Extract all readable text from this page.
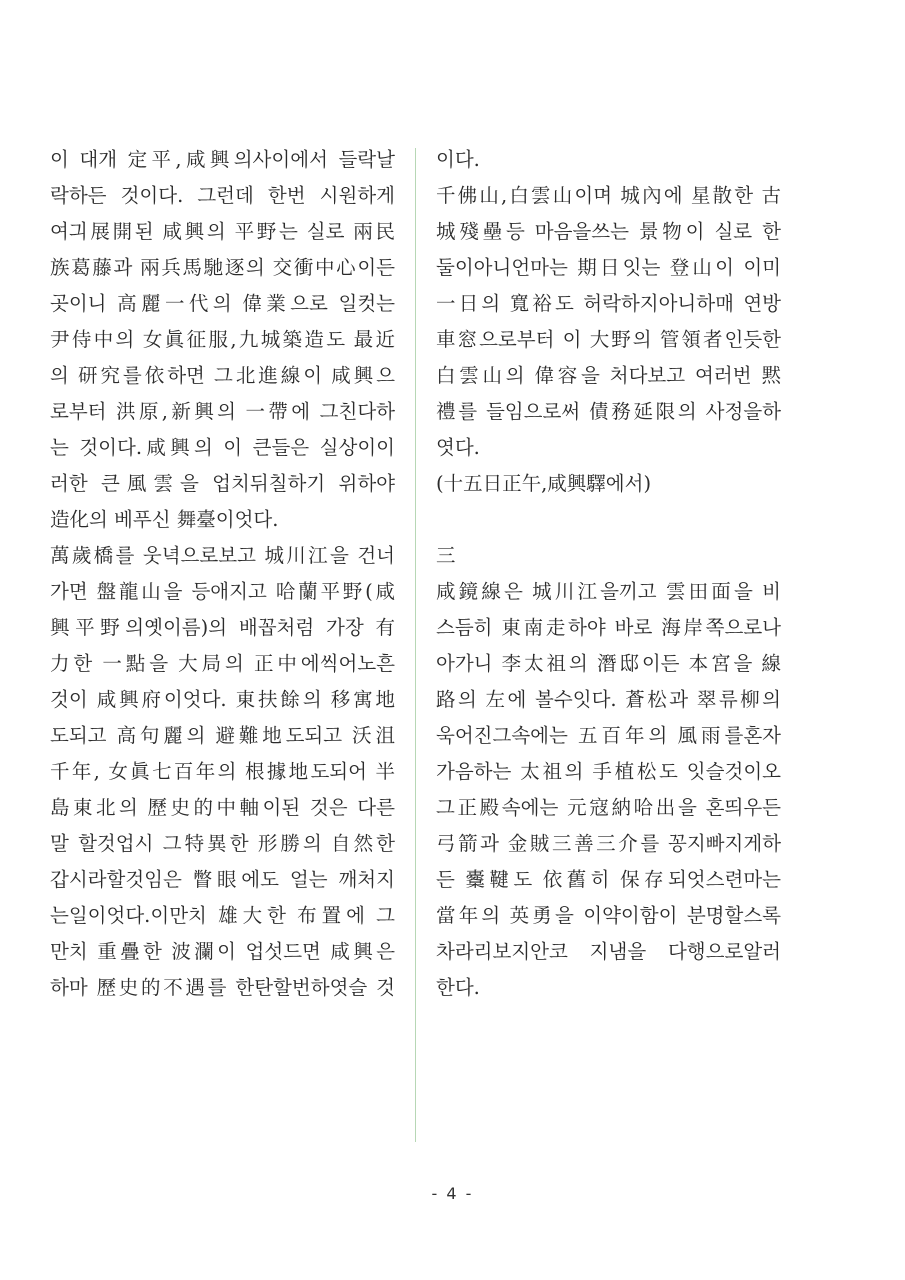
이 대개 定平,咸興의사이에서 들락날
락하든 것이다. 그런데 한번 시원하게
여긔展開된 咸興의 平野는 실로 兩民
族葛藤과 兩兵馬馳逐의 交衝中心이든
곳이니 高麗一代의 偉業으로 일컷는
尹侍中의 女眞征服,九城築造도 最近
의 研究를依하면 그北進線이 咸興으
로부터 洪原,新興의 一帶에 그친다하
는 것이다.咸興의 이 큰들은 실상이이
러한 큰風雲을 업치뒤칠하기 위하야
造化의 베푸신 舞臺이엇다.
萬歲橋를 웃녁으로보고 城川江을 건너
가면 盤龍山을 등애지고 哈蘭平野(咸
興平野의옛이름)의 배꼽처럼 가장 有
力한 一點을 大局의 正中에씩어노흔
것이 咸興府이엇다. 東扶餘의 移寓地
도되고 高句麗의 避難地도되고 沃沮
千年, 女眞七百年의 根據地도되어 半
島東北의 歷史的中軸이된 것은 다른
말 할것업시 그特異한 形勝의 自然한
갑시라할것임은 瞥眼에도 얼는 깨처지
는일이엇다.이만치 雄大한 布置에 그
만치 重疊한 波瀾이 업섯드면 咸興은
하마 歷史的不遇를 한탄할번하엿슬 것
이다.
千佛山,白雲山이며 城內에 星散한 古
城殘壘등 마음을쓰는 景物이 실로 한
둘이아니언마는 期日잇는 登山이 이미
一日의 寬裕도 허락하지아니하매 연방
車窓으로부터 이 大野의 管領者인듯한
白雲山의 偉容을 처다보고 여러번 黙
禮를 들임으로써 債務延限의 사정을하
엿다.
(十五日正午,咸興驛에서)
三
咸鏡線은 城川江을끼고 雲田面을 비
스듬히 東南走하야 바로 海岸쪽으로나
아가니 李太祖의 潛邸이든 本宮을 線
路의 左에 볼수잇다. 蒼松과 翠류柳의
욱어진그속에는 五百年의 風雨를혼자
가음하는 太祖의 手植松도 잇슬것이오
그正殿속에는 元寇納哈出을 혼띄우든
弓箭과 金賊三善三介를 꽁지빠지게하
든 櫜鞬도 依舊히 保存되엇스련마는
當年의 英勇을 이약이함이 분명할스록
차라리보지안코 지냄을 다행으로알러
한다.
- 4 -
